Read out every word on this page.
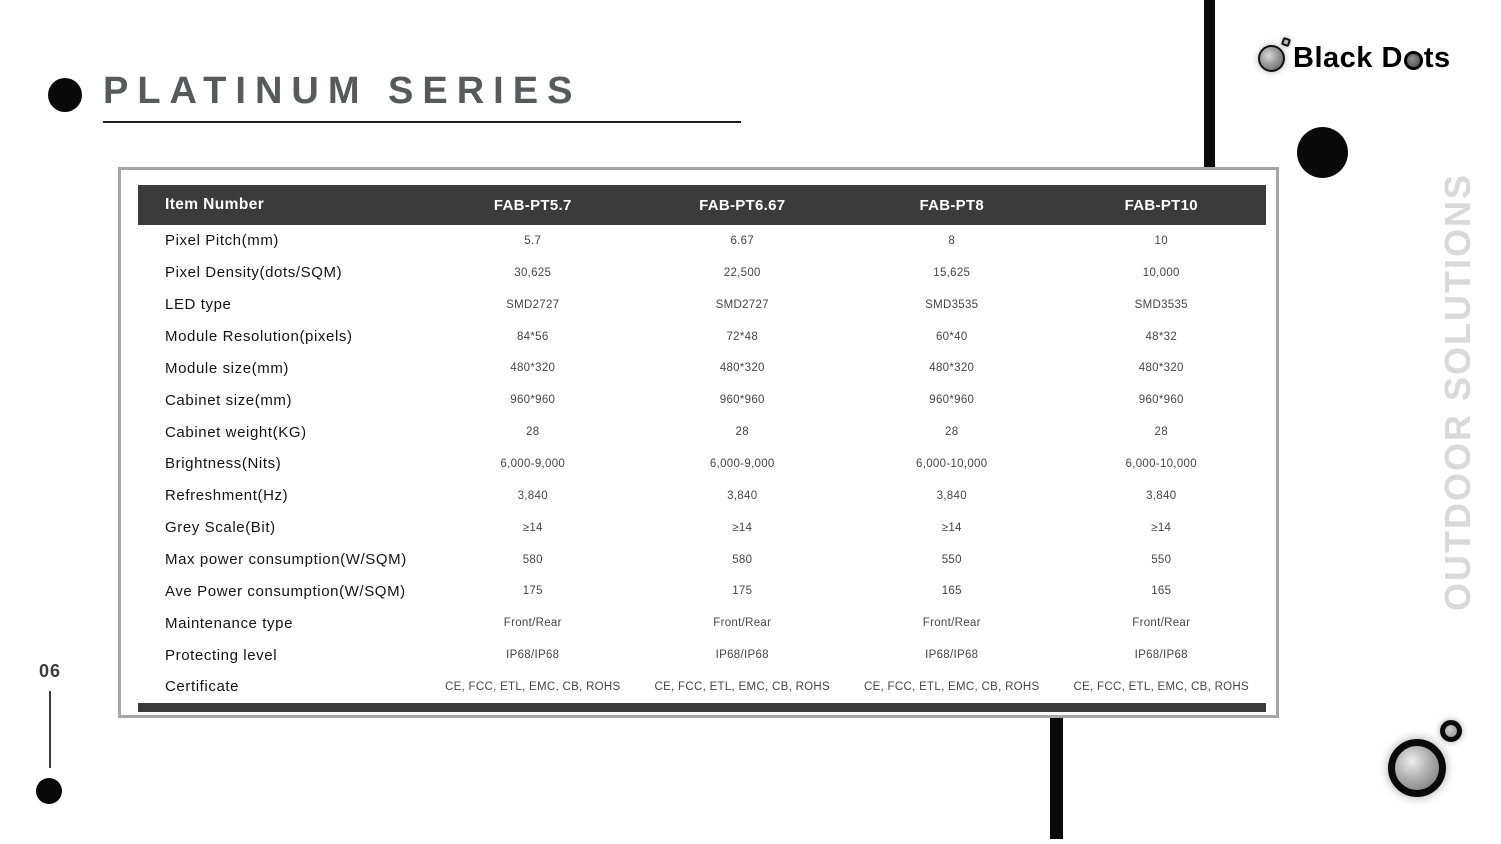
PLATINUM SERIES
Black D ts
OUTDOOR SOLUTIONS
06
Item Number	FAB-PT5.7	FAB-PT6.67	FAB-PT8	FAB-PT10
Pixel Pitch(mm)	5.7	6.67	8	10
Pixel Density(dots/SQM)	30,625	22,500	15,625	10,000
LED type	SMD2727	SMD2727	SMD3535	SMD3535
Module Resolution(pixels)	84*56	72*48	60*40	48*32
Module size(mm)	480*320	480*320	480*320	480*320
Cabinet size(mm)	960*960	960*960	960*960	960*960
Cabinet weight(KG)	28	28	28	28
Brightness(Nits)	6,000-9,000	6,000-9,000	6,000-10,000	6,000-10,000
Refreshment(Hz)	3,840	3,840	3,840	3,840
Grey Scale(Bit)	≥14	≥14	≥14	≥14
Max power consumption(W/SQM)	580	580	550	550
Ave Power consumption(W/SQM)	175	175	165	165
Maintenance type	Front/Rear	Front/Rear	Front/Rear	Front/Rear
Protecting level	IP68/IP68	IP68/IP68	IP68/IP68	IP68/IP68
Certificate	CE, FCC, ETL, EMC, CB, ROHS	CE, FCC, ETL, EMC, CB, ROHS	CE, FCC, ETL, EMC, CB, ROHS	CE, FCC, ETL, EMC, CB, ROHS
